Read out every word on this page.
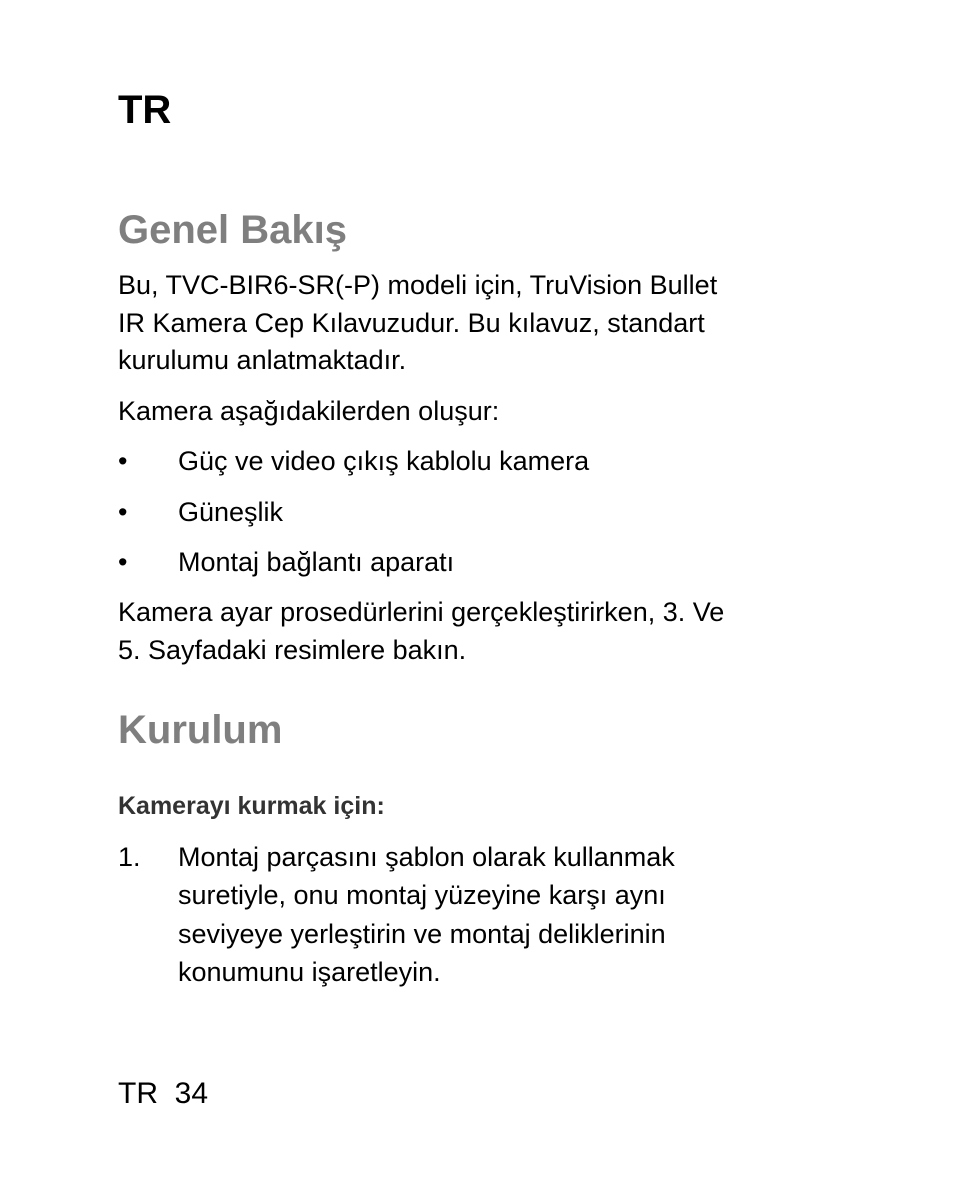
TR
Genel Bakış

Bu, TVC-BIR6-SR(-P) modeli için, TruVision Bullet
IR Kamera Cep Kılavuzudur. Bu kılavuz, standart
kurulumu anlatmaktadır.

Kamera aşağıdakilerden oluşur:

• Güç ve video çıkış kablolu kamera
• Güneşlik
• Montaj bağlantı aparatı

Kamera ayar prosedürlerini gerçekleştirirken, 3. Ve
5. Sayfadaki resimlere bakın.

Kurulum
Kamerayı kurmak için:
1. Montaj parçasını şablon olarak kullanmak
suretiyle, onu montaj yüzeyine karşı aynı
seviyeye yerleştirin ve montaj deliklerinin
konumunu işaretleyin.

TR  34
